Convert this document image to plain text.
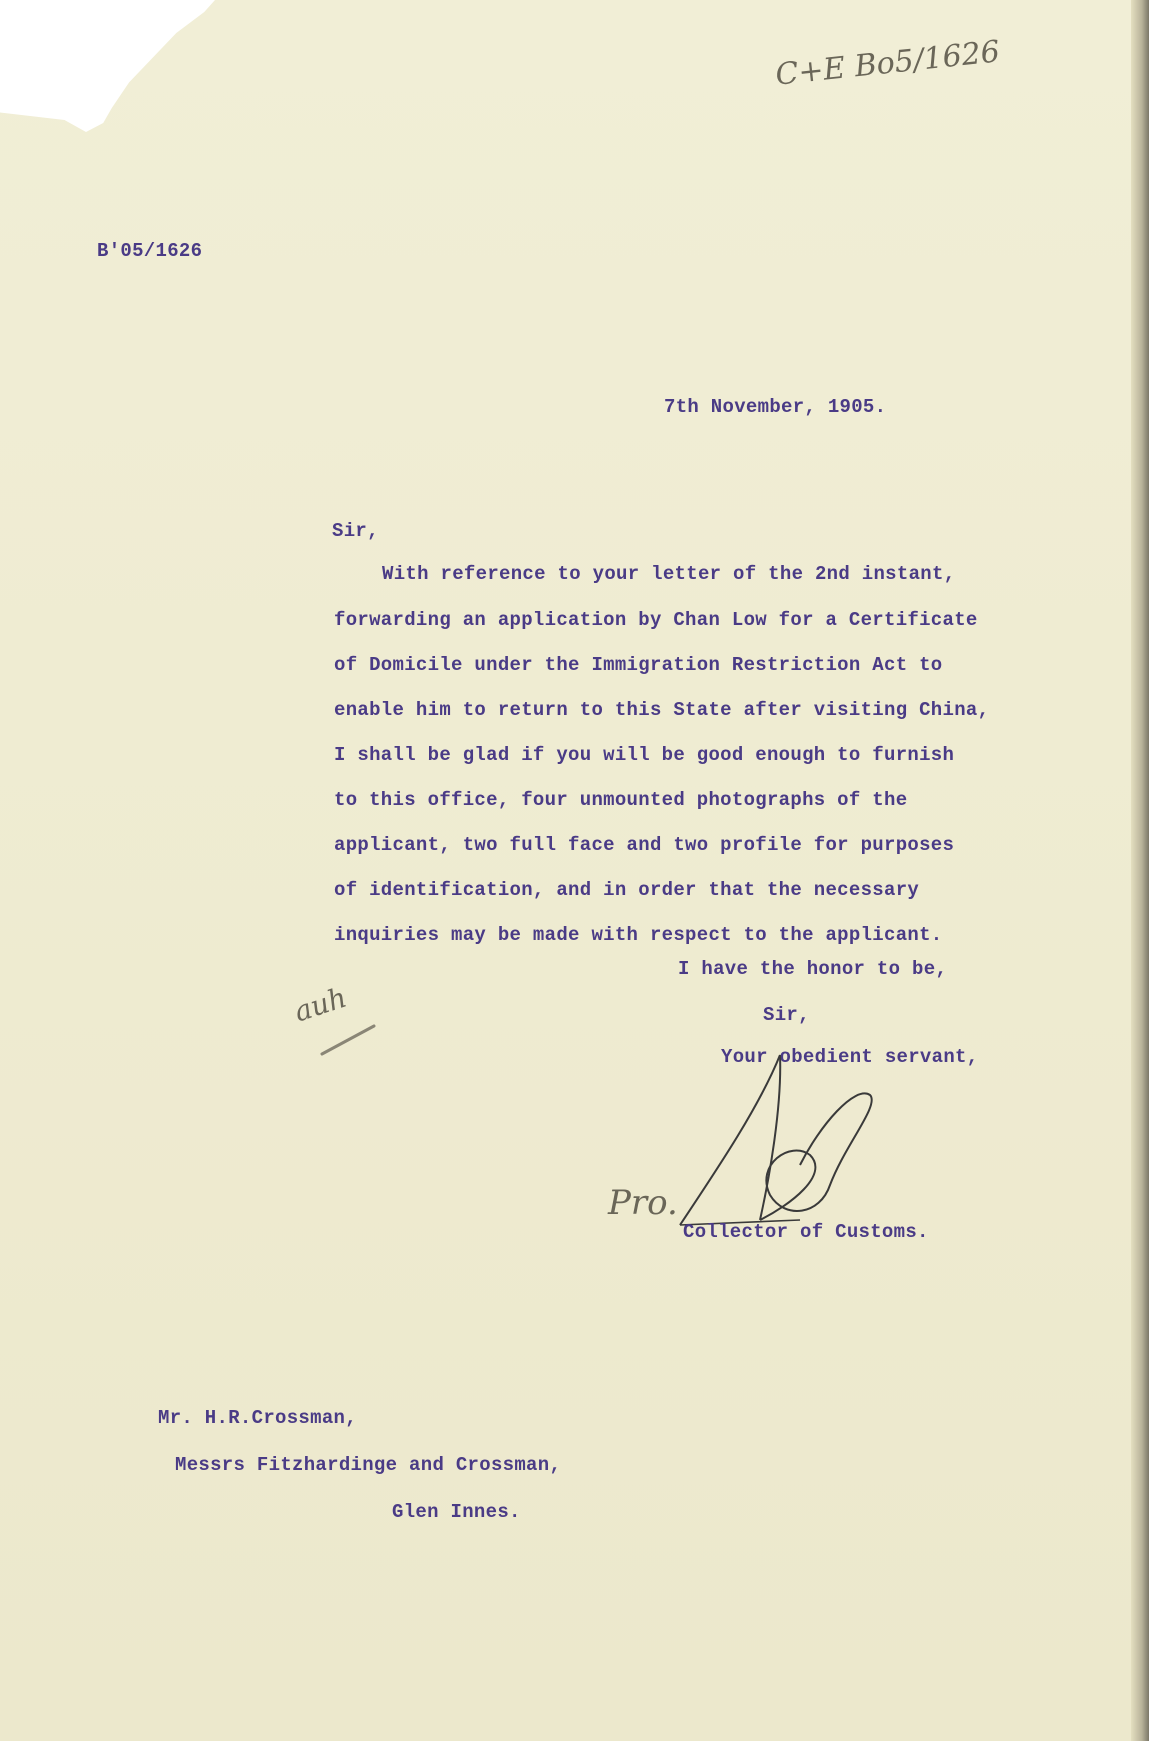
C+E Bo5/1626
B'05/1626
7th November, 1905.
Sir,
With reference to your letter of the 2nd instant,
forwarding an application by Chan Low for a Certificate
of Domicile under the Immigration Restriction Act to
enable him to return to this State after visiting China,
I shall be glad if you will be good enough to furnish
to this office, four unmounted photographs of the
applicant, two full face and two profile for purposes
of identification, and in order that the necessary
inquiries may be made with respect to the applicant.
I have the honor to be,
Sir,
Your obedient servant,
auh
Pro.
Collector of Customs.
Mr. H.R.Crossman,
Messrs Fitzhardinge and Crossman,
Glen Innes.
